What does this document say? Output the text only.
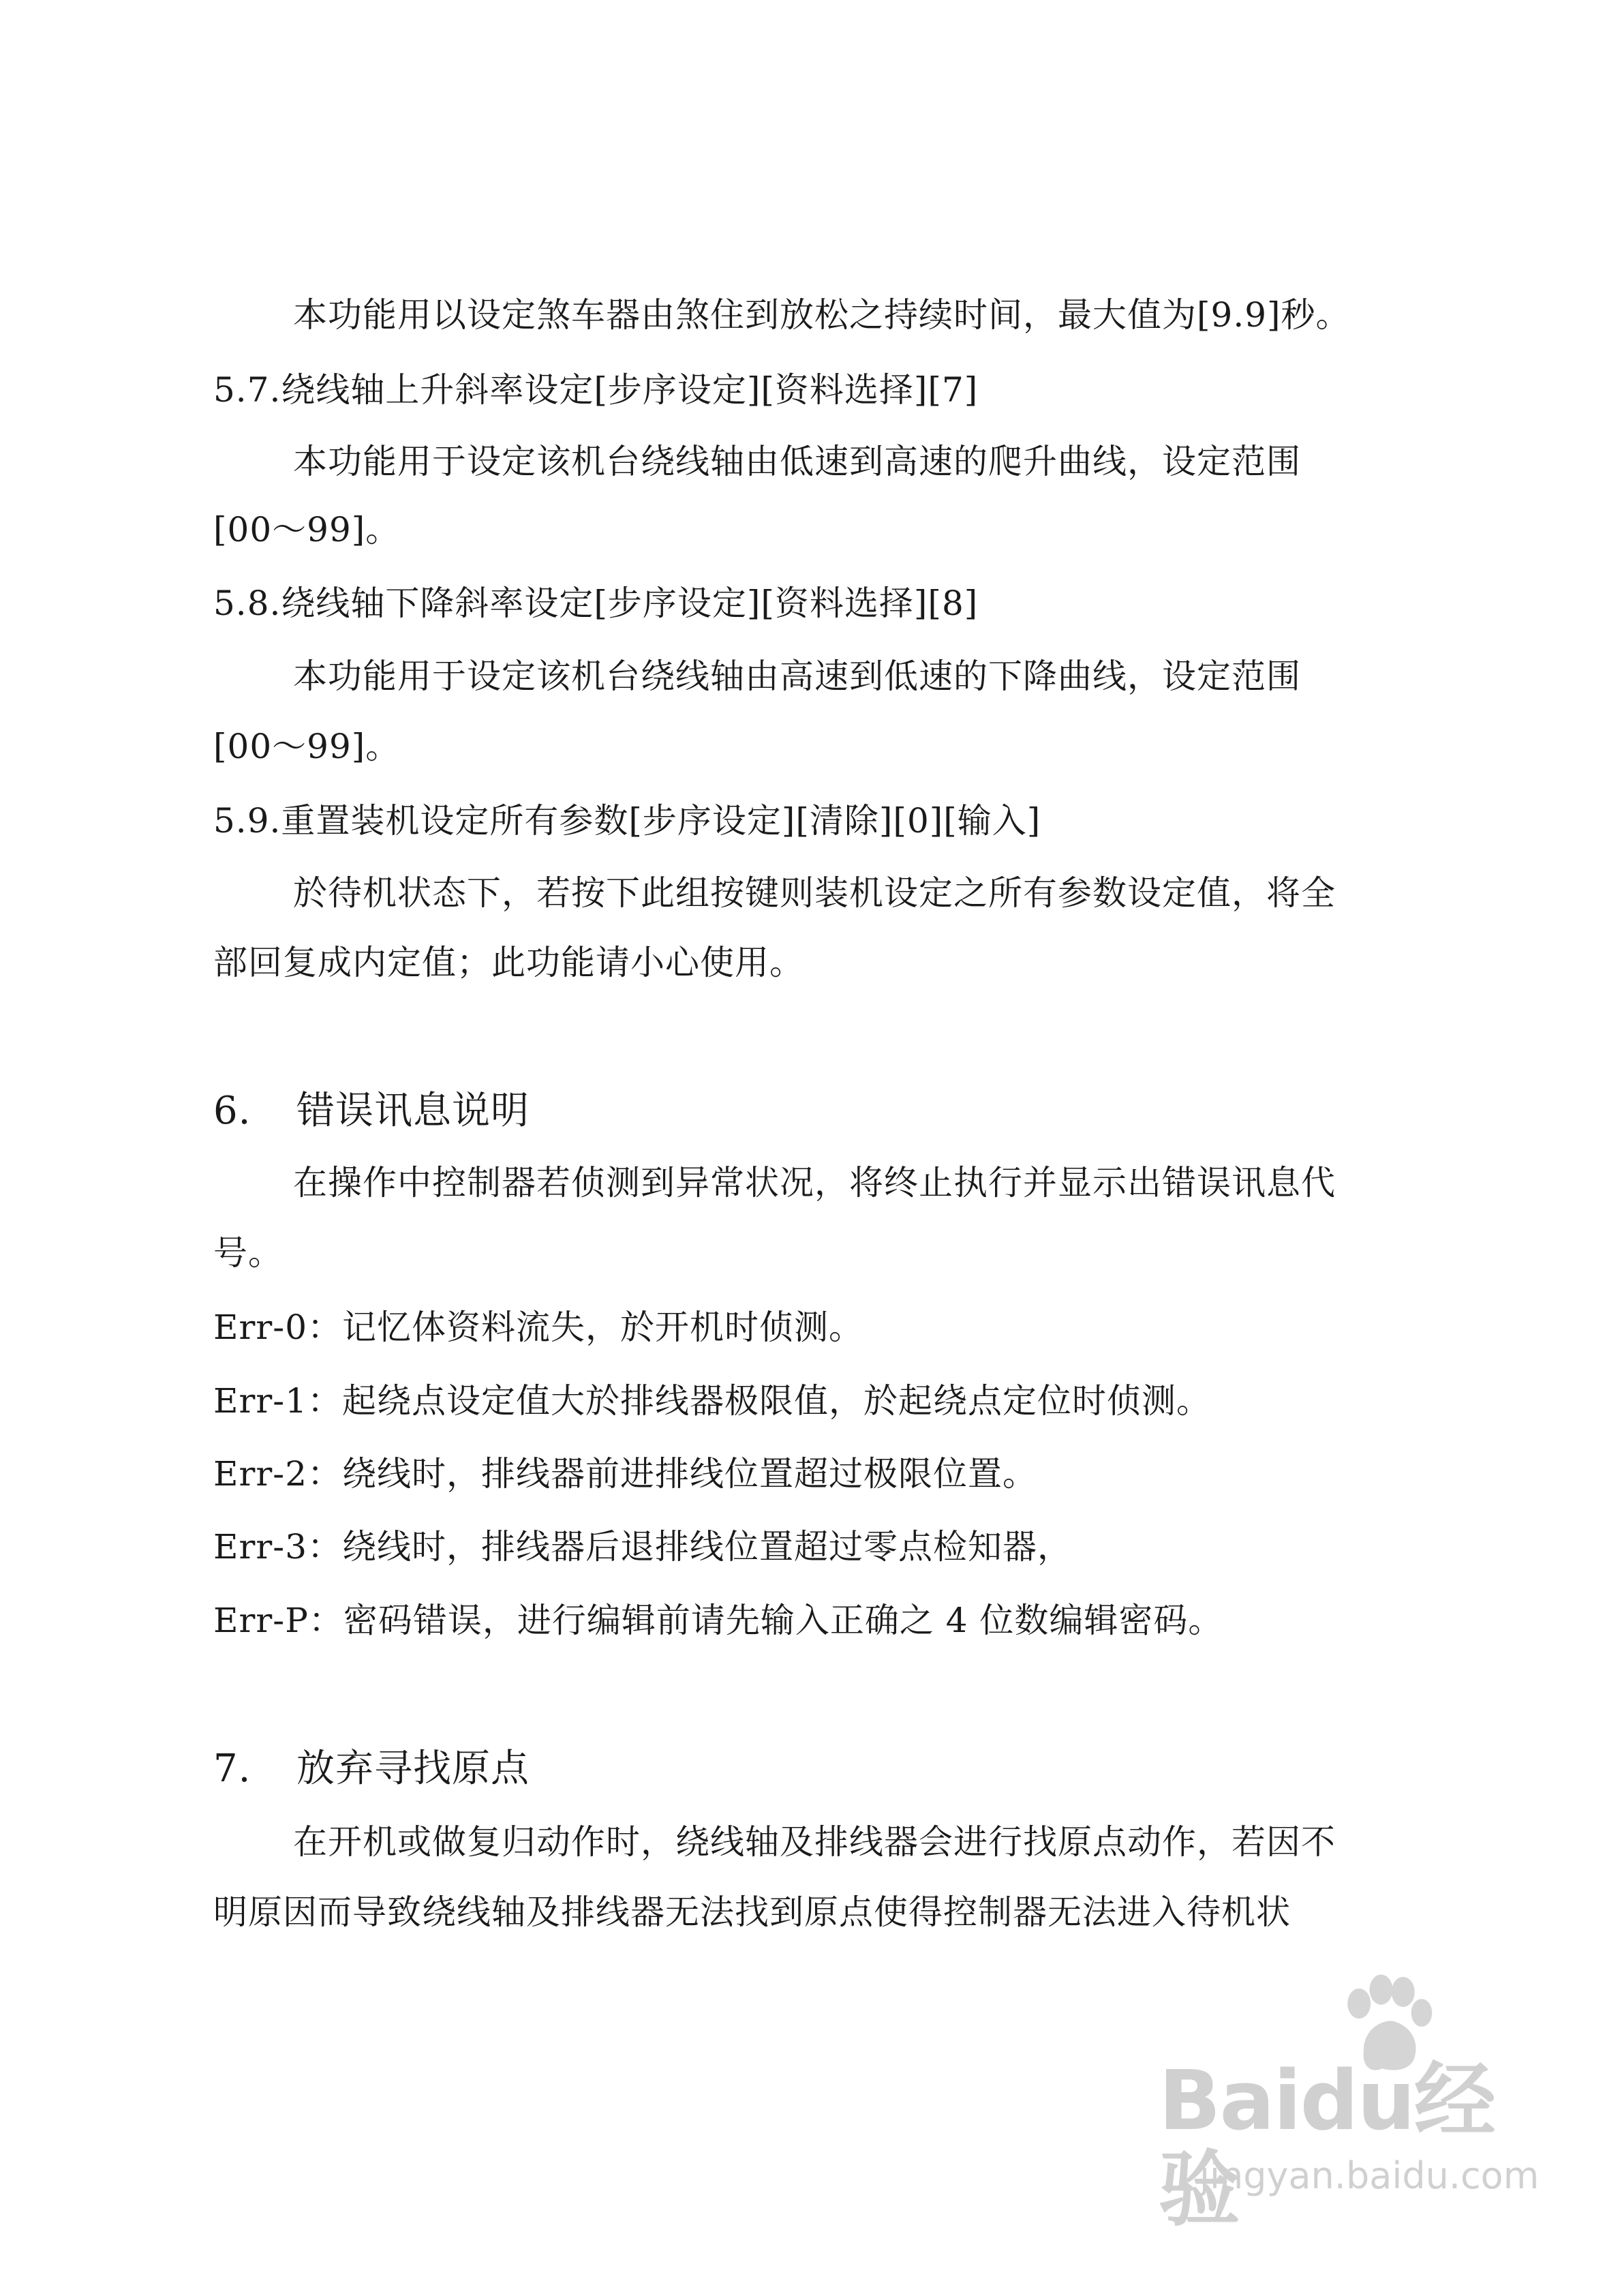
本功能用以设定煞车器由煞住到放松之持续时间，最大值为[9.9]秒。
5.7.绕线轴上升斜率设定[步序设定][资料选择][7]
本功能用于设定该机台绕线轴由低速到高速的爬升曲线，设定范围
[00～99]。
5.8.绕线轴下降斜率设定[步序设定][资料选择][8]
本功能用于设定该机台绕线轴由高速到低速的下降曲线，设定范围
[00～99]。
5.9.重置装机设定所有参数[步序设定][清除][0][输入]
於待机状态下，若按下此组按键则装机设定之所有参数设定值，将全
部回复成内定值；此功能请小心使用。
6. 错误讯息说明
在操作中控制器若侦测到异常状况，将终止执行并显示出错误讯息代
号。
Err-0：记忆体资料流失，於开机时侦测。
Err-1：起绕点设定值大於排线器极限值，於起绕点定位时侦测。
Err-2：绕线时，排线器前进排线位置超过极限位置。
Err-3：绕线时，排线器后退排线位置超过零点检知器，
Err-P：密码错误，进行编辑前请先输入正确之 4 位数编辑密码。
7. 放弃寻找原点
在开机或做复归动作时，绕线轴及排线器会进行找原点动作，若因不
明原因而导致绕线轴及排线器无法找到原点使得控制器无法进入待机状
Baidu经验
jingyan.baidu.com
